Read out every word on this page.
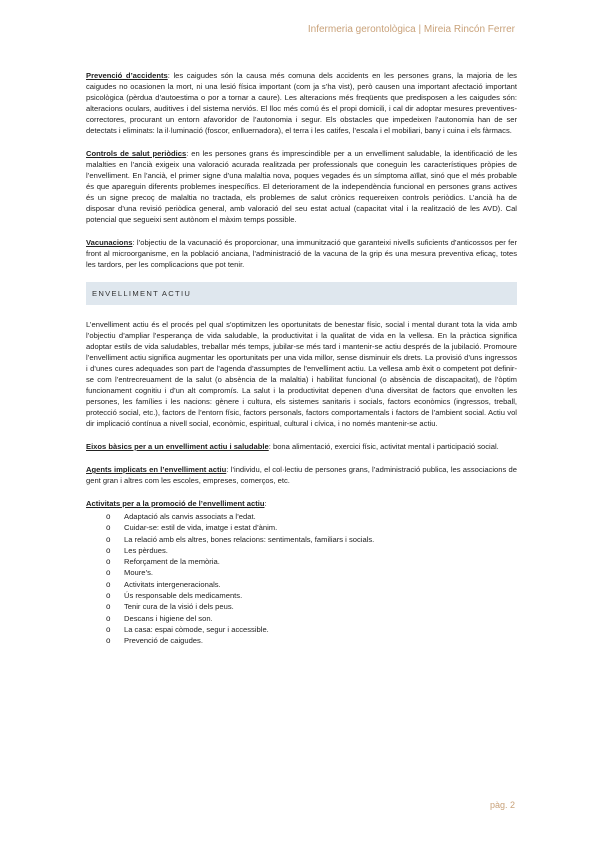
Infermeria gerontològica | Mireia Rincón Ferrer

Prevenció d’accidents: les caigudes són la causa més comuna dels accidents en les persones grans, la majoria de les caigudes no ocasionen la mort, ni una lesió física important (com ja s’ha vist), però causen una important afectació important psicològica (pèrdua d’autoestima o por a tornar a caure). Les alteracions més freqüents que predisposen a les caigudes són: alteracions oculars, auditives i del sistema nerviós. El lloc més comú és el propi domicili, i cal dir adoptar mesures preventives-correctores, procurant un entorn afavoridor de l’autonomia i segur. Els obstacles que impedeixen l’autonomia han de ser detectats i eliminats: la il·luminació (foscor, enlluernadora), el terra i les catifes, l’escala i el mobiliari, bany i cuina i els fàrmacs.

Controls de salut periòdics: en les persones grans és imprescindible per a un envelliment saludable, la identificació de les malalties en l’ancià exigeix una valoració acurada realitzada per professionals que coneguin les característiques pròpies de l’envelliment. En l’ancià, el primer signe d’una malaltia nova, poques vegades és un símptoma aïllat, sinó que el més probable és que apareguin diferents problemes inespecífics. El deteriorament de la independència funcional en persones grans actives és un signe precoç de malaltia no tractada, els problemes de salut crònics requereixen controls periòdics. L’ancià ha de disposar d’una revisió periòdica general, amb valoració del seu estat actual (capacitat vital i la realització de les AVD). Cal potencial que segueixi sent autònom el màxim temps possible.

Vacunacions: l’objectiu de la vacunació és proporcionar, una immunització que garanteixi nivells suficients d’anticossos per fer front al microorganisme, en la població anciana, l’administració de la vacuna de la grip és una mesura preventiva eficaç, totes les tardors, per les complicacions que pot tenir.

ENVELLIMENT ACTIU

L’envelliment actiu és el procés pel qual s’optimitzen les oportunitats de benestar físic, social i mental durant tota la vida amb l’objectiu d’ampliar l’esperança de vida saludable, la productivitat i la qualitat de vida en la vellesa. En la pràctica significa adoptar estils de vida saludables, treballar més temps, jubilar-se més tard i mantenir-se actiu després de la jubilació. Promoure l’envelliment actiu significa augmentar les oportunitats per una vida millor, sense disminuir els drets. La provisió d’uns ingressos i d’unes cures adequades son part de l’agenda d’assumptes de l’envelliment actiu. La vellesa amb èxit o competent pot definir-se com l’entrecreuament de la salut (o absència de la malaltia) i habilitat funcional (o absència de discapacitat), de l’òptim funcionament cognitiu i d’un alt compromís. La salut i la productivitat depenen d’una diversitat de factors que envolten les persones, les famílies i les nacions: gènere i cultura, els sistemes sanitaris i socials, factors econòmics (ingressos, treball, protecció social, etc.), factors de l’entorn físic, factors personals, factors comportamentals i factors de l’ambient social. Actiu vol dir implicació contínua a nivell social, econòmic, espiritual, cultural i cívica, i no només mantenir-se actiu.

Eixos bàsics per a un envelliment actiu i saludable: bona alimentació, exercici físic, activitat mental i participació social.

Agents implicats en l’envelliment actiu: l’individu, el col·lectiu de persones grans, l’administració publica, les associacions de gent gran i altres com les escoles, empreses, comerços, etc.

Activitats per a la promoció de l’envelliment actiu:

o	Adaptació als canvis associats a l’edat.
o	Cuidar-se: estil de vida, imatge i estat d’ànim.
o	La relació amb els altres, bones relacions: sentimentals, familiars i socials.
o	Les pèrdues.
o	Reforçament de la memòria.
o	Moure’s.
o	Activitats intergeneracionals.
o	Ús responsable dels medicaments.
o	Tenir cura de la visió i dels peus.
o	Descans i higiene del son.
o	La casa: espai còmode, segur i accessible.
o	Prevenció de caigudes.
pàg. 2
